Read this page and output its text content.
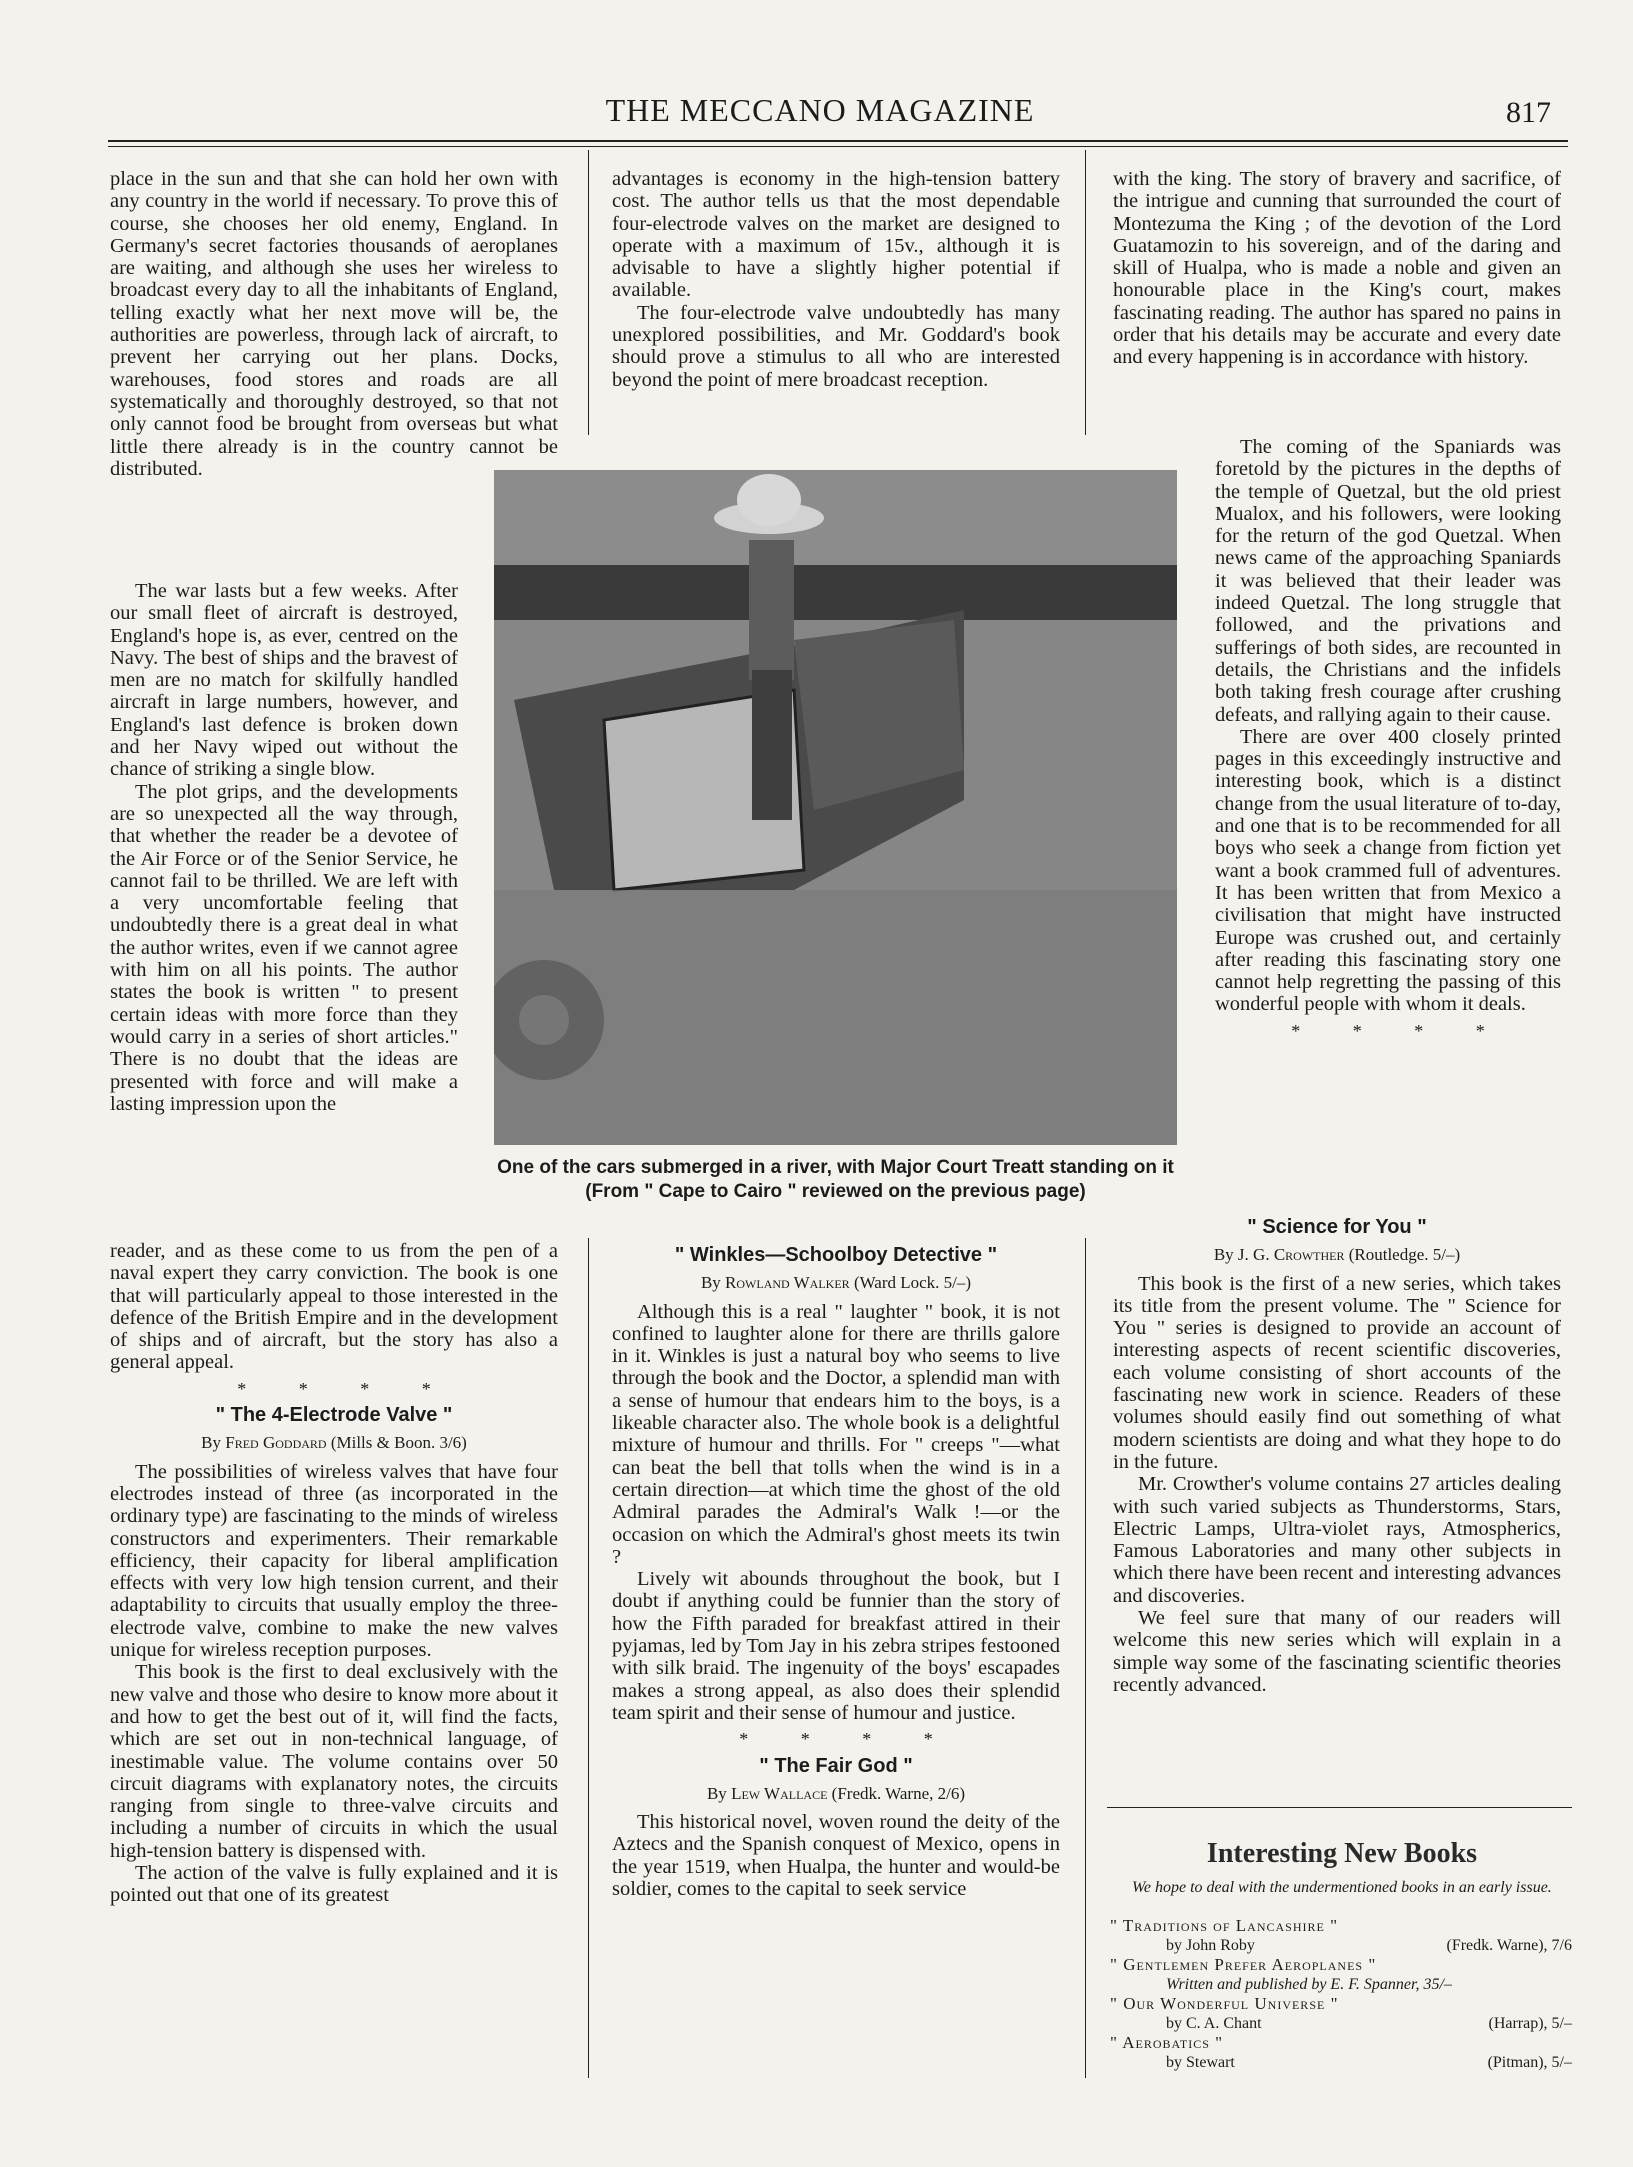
THE MECCANO MAGAZINE	817

place in the sun and that she can hold her own with any country in the world if necessary. To prove this of course, she chooses her old enemy, England. In Germany's secret factories thousands of aeroplanes are waiting, and although she uses her wireless to broadcast every day to all the inhabitants of England, telling exactly what her next move will be, the authorities are powerless, through lack of aircraft, to prevent her carrying out her plans. Docks, warehouses, food stores and roads are all systematically and thoroughly destroyed, so that not only cannot food be brought from overseas but what little there already is in the country cannot be distributed.

The war lasts but a few weeks. After our small fleet of aircraft is destroyed, England's hope is, as ever, centred on the Navy. The best of ships and the bravest of men are no match for skilfully handled aircraft in large numbers, however, and England's last defence is broken down and her Navy wiped out without the chance of striking a single blow.

The plot grips, and the developments are so unexpected all the way through, that whether the reader be a devotee of the Air Force or of the Senior Service, he cannot fail to be thrilled. We are left with a very uncomfortable feeling that undoubtedly there is a great deal in what the author writes, even if we cannot agree with him on all his points. The author states the book is written " to present certain ideas with more force than they would carry in a series of short articles." There is no doubt that the ideas are presented with force and will make a lasting impression upon the

reader, and as these come to us from the pen of a naval expert they carry conviction. The book is one that will particularly appeal to those interested in the defence of the British Empire and in the development of ships and of aircraft, but the story has also a general appeal.

* * * *
" The 4-Electrode Valve "
By Fred Goddard (Mills & Boon. 3/6)

The possibilities of wireless valves that have four electrodes instead of three (as incorporated in the ordinary type) are fascinating to the minds of wireless constructors and experimenters. Their remarkable efficiency, their capacity for liberal amplification effects with very low high tension current, and their adaptability to circuits that usually employ the three-electrode valve, combine to make the new valves unique for wireless reception purposes.

This book is the first to deal exclusively with the new valve and those who desire to know more about it and how to get the best out of it, will find the facts, which are set out in non-technical language, of inestimable value. The volume contains over 50 circuit diagrams with explanatory notes, the circuits ranging from single to three-valve circuits and including a number of circuits in which the usual high-tension battery is dispensed with.

The action of the valve is fully explained and it is pointed out that one of its greatest

advantages is economy in the high-tension battery cost. The author tells us that the most dependable four-electrode valves on the market are designed to operate with a maximum of 15v., although it is advisable to have a slightly higher potential if available.

The four-electrode valve undoubtedly has many unexplored possibilities, and Mr. Goddard's book should prove a stimulus to all who are interested beyond the point of mere broadcast reception.

One of the cars submerged in a river, with Major Court Treatt standing on it (From " Cape to Cairo " reviewed on the previous page)
" Winkles—Schoolboy Detective "
By Rowland Walker (Ward Lock. 5/–)

Although this is a real " laughter " book, it is not confined to laughter alone for there are thrills galore in it. Winkles is just a natural boy who seems to live through the book and the Doctor, a splendid man with a sense of humour that endears him to the boys, is a likeable character also. The whole book is a delightful mixture of humour and thrills. For " creeps "—what can beat the bell that tolls when the wind is in a certain direction—at which time the ghost of the old Admiral parades the Admiral's Walk !—or the occasion on which the Admiral's ghost meets its twin ?

Lively wit abounds throughout the book, but I doubt if anything could be funnier than the story of how the Fifth paraded for breakfast attired in their pyjamas, led by Tom Jay in his zebra stripes festooned with silk braid. The ingenuity of the boys' escapades makes a strong appeal, as also does their splendid team spirit and their sense of humour and justice.

* * * *
" The Fair God "
By Lew Wallace (Fredk. Warne, 2/6)

This historical novel, woven round the deity of the Aztecs and the Spanish conquest of Mexico, opens in the year 1519, when Hualpa, the hunter and would-be soldier, comes to the capital to seek service

with the king. The story of bravery and sacrifice, of the intrigue and cunning that surrounded the court of Montezuma the King ; of the devotion of the Lord Guatamozin to his sovereign, and of the daring and skill of Hualpa, who is made a noble and given an honourable place in the King's court, makes fascinating reading. The author has spared no pains in order that his details may be accurate and every date and every happening is in accordance with history.

The coming of the Spaniards was foretold by the pictures in the depths of the temple of Quetzal, but the old priest Mualox, and his followers, were looking for the return of the god Quetzal. When news came of the approaching Spaniards it was believed that their leader was indeed Quetzal. The long struggle that followed, and the privations and sufferings of both sides, are recounted in details, the Christians and the infidels both taking fresh courage after crushing defeats, and rallying again to their cause.

There are over 400 closely printed pages in this exceedingly instructive and interesting book, which is a distinct change from the usual literature of to-day, and one that is to be recommended for all boys who seek a change from fiction yet want a book crammed full of adventures. It has been written that from Mexico a civilisation that might have instructed Europe was crushed out, and certainly after reading this fascinating story one cannot help regretting the passing of this wonderful people with whom it deals.

* * * *
" Science for You "
By J. G. Crowther (Routledge. 5/–)

This book is the first of a new series, which takes its title from the present volume. The " Science for You " series is designed to provide an account of interesting aspects of recent scientific discoveries, each volume consisting of short accounts of the fascinating new work in science. Readers of these volumes should easily find out something of what modern scientists are doing and what they hope to do in the future.

Mr. Crowther's volume contains 27 articles dealing with such varied subjects as Thunderstorms, Stars, Electric Lamps, Ultra-violet rays, Atmospherics, Famous Laboratories and many other subjects in which there have been recent and interesting advances and discoveries.

We feel sure that many of our readers will welcome this new series which will explain in a simple way some of the fascinating scientific theories recently advanced.

Interesting New Books
We hope to deal with the undermentioned books in an early issue.
" Traditions of Lancashire "
by John Roby	(Fredk. Warne), 7/6
" Gentlemen Prefer Aeroplanes "
Written and published by E. F. Spanner, 35/–
" Our Wonderful Universe "
by C. A. Chant	(Harrap), 5/–
" Aerobatics "
by Stewart	(Pitman), 5/–
